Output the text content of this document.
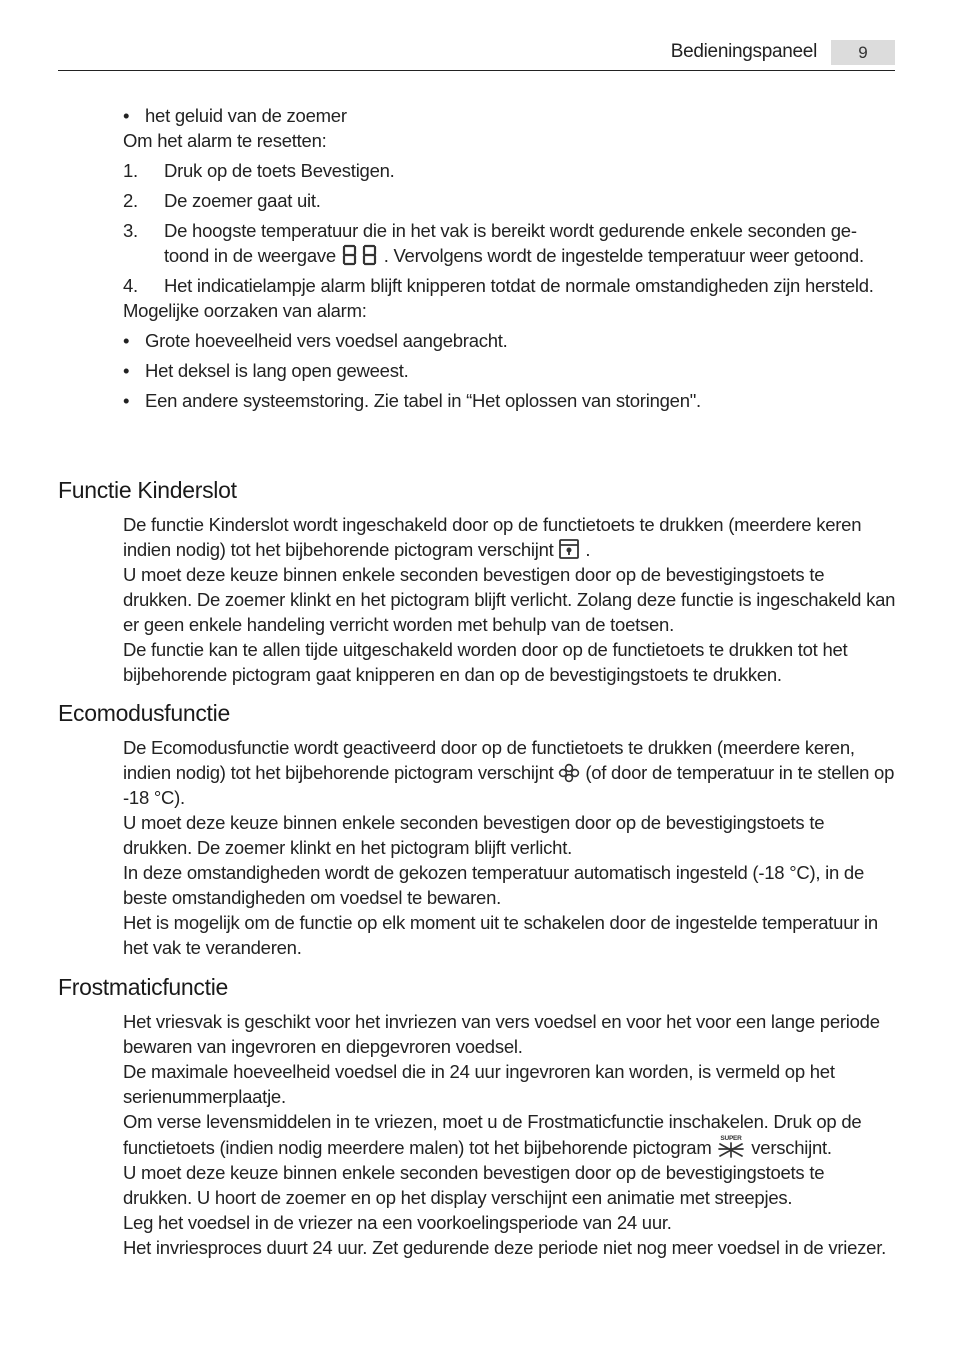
Bedieningspaneel	9
• het geluid van de zoemer

Om het alarm te resetten:

1. Druk op de toets Bevestigen.
2. De zoemer gaat uit.
3. De hoogste temperatuur die in het vak is bereikt wordt gedurende enkele seconden getoond in de weergave	. Vervolgens wordt de ingestelde temperatuur weer getoond.
4. Het indicatielampje alarm blijft knipperen totdat de normale omstandigheden zijn hersteld.

Mogelijke oorzaken van alarm:

• Grote hoeveelheid vers voedsel aangebracht.
• Het deksel is lang open geweest.
• Een andere systeemstoring. Zie tabel in “Het oplossen van storingen".
Functie Kinderslot

De functie Kinderslot wordt ingeschakeld door op de functietoets te drukken (meerdere keren indien nodig) tot het bijbehorende pictogram verschijnt .

U moet deze keuze binnen enkele seconden bevestigen door op de bevestigingstoets te drukken. De zoemer klinkt en het pictogram blijft verlicht. Zolang deze functie is ingeschakeld kan er geen enkele handeling verricht worden met behulp van de toetsen.

De functie kan te allen tijde uitgeschakeld worden door op de functietoets te drukken tot het bijbehorende pictogram gaat knipperen en dan op de bevestigingstoets te drukken.

Ecomodusfunctie

De Ecomodusfunctie wordt geactiveerd door op de functietoets te drukken (meerdere keren, indien nodig) tot het bijbehorende pictogram verschijnt (of door de temperatuur in te stellen op -18 °C).

U moet deze keuze binnen enkele seconden bevestigen door op de bevestigingstoets te drukken. De zoemer klinkt en het pictogram blijft verlicht.

In deze omstandigheden wordt de gekozen temperatuur automatisch ingesteld (-18 °C), in de beste omstandigheden om voedsel te bewaren.

Het is mogelijk om de functie op elk moment uit te schakelen door de ingestelde temperatuur in het vak te veranderen.

Frostmaticfunctie

Het vriesvak is geschikt voor het invriezen van vers voedsel en voor het voor een lange periode bewaren van ingevroren en diepgevroren voedsel.

De maximale hoeveelheid voedsel die in 24 uur ingevroren kan worden, is vermeld op het serienummerplaatje.

Om verse levensmiddelen in te vriezen, moet u de Frostmaticfunctie inschakelen. Druk op de functietoets (indien nodig meerdere malen) tot het bijbehorende pictogram SUPER verschijnt.

U moet deze keuze binnen enkele seconden bevestigen door op de bevestigingstoets te drukken. U hoort de zoemer en op het display verschijnt een animatie met streepjes.

Leg het voedsel in de vriezer na een voorkoelingsperiode van 24 uur.

Het invriesproces duurt 24 uur. Zet gedurende deze periode niet nog meer voedsel in de vriezer.
